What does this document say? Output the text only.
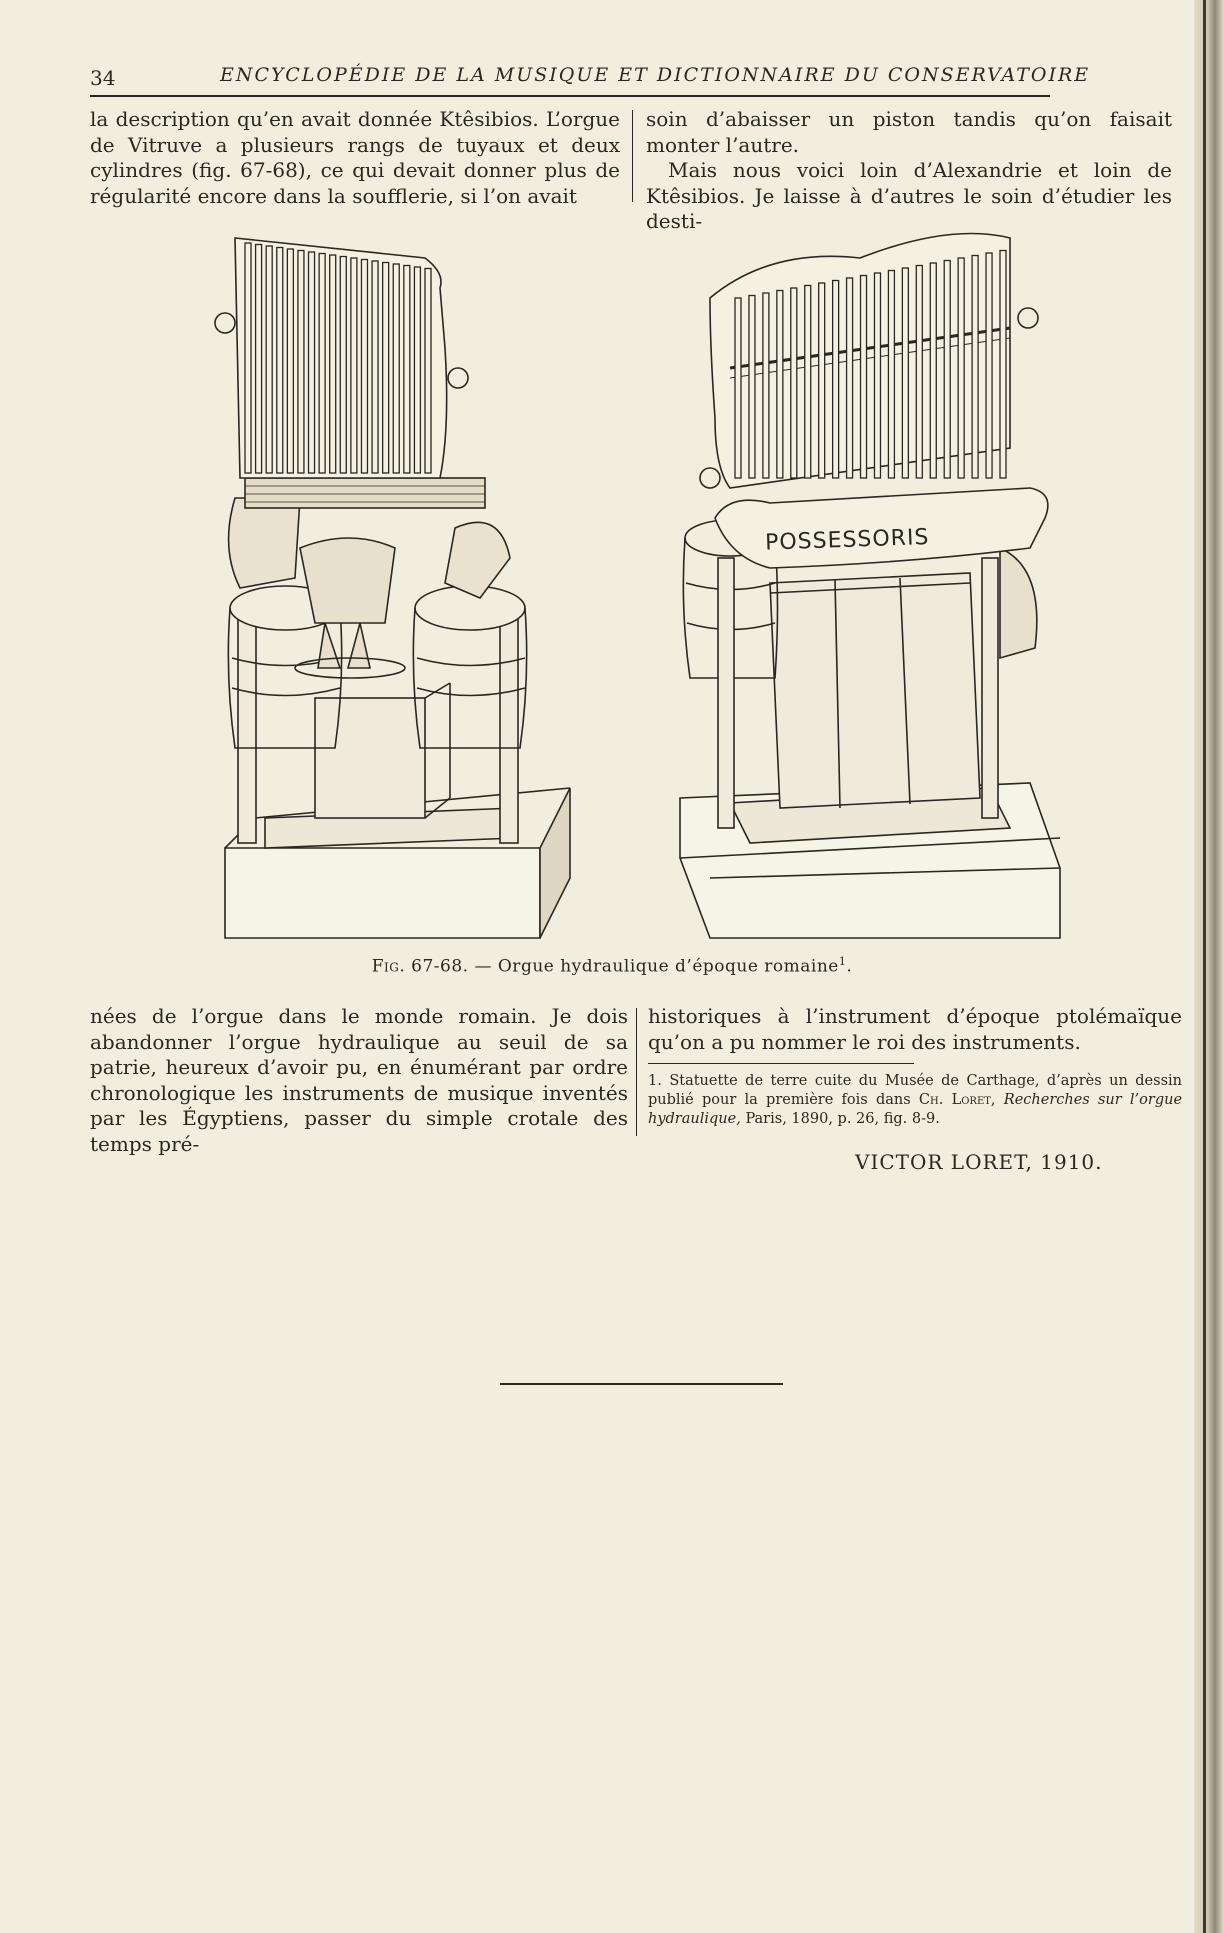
34	ENCYCLOPÉDIE DE LA MUSIQUE ET DICTIONNAIRE DU CONSERVATOIRE

la description qu’en avait donnée Ktêsibios. L’orgue de Vitruve a plusieurs rangs de tuyaux et deux cylindres (fig. 67-68), ce qui devait donner plus de régularité encore dans la soufflerie, si l’on avait

soin d’abaisser un piston tandis qu’on faisait monter l’autre.

Mais nous voici loin d’Alexandrie et loin de Ktêsibios. Je laisse à d’autres le soin d’étudier les desti-

POSSESSORIS
Fig. 67-68. — Orgue hydraulique d’époque romaine$^1$.

nées de l’orgue dans le monde romain. Je dois abandonner l’orgue hydraulique au seuil de sa patrie, heureux d’avoir pu, en énumérant par ordre chronologique les instruments de musique inventés par les Égyptiens, passer du simple crotale des temps pré-

historiques à l’instrument d’époque ptolémaïque qu’on a pu nommer le roi des instruments.

1. Statuette de terre cuite du Musée de Carthage, d’après un dessin publié pour la première fois dans Ch. Loret, Recherches sur l’orgue hydraulique, Paris, 1890, p. 26, fig. 8-9.
VICTOR LORET, 1910.
